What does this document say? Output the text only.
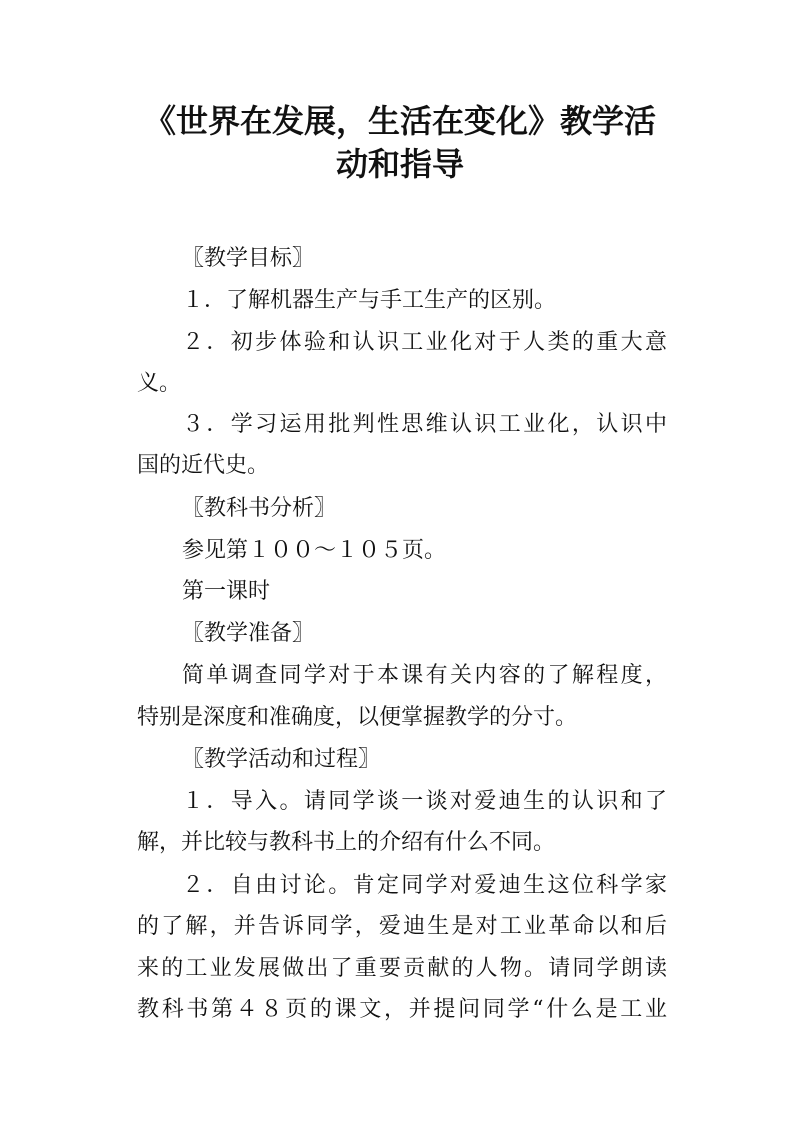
《世界在发展，生活在变化》教学活
动和指导

〖教学目标〗

１．了解机器生产与手工生产的区别。

２．初步体验和认识工业化对于人类的重大意

义。

３．学习运用批判性思维认识工业化，认识中

国的近代史。

〖教科书分析〗

参见第１００～１０５页。

第一课时

〖教学准备〗

简单调查同学对于本课有关内容的了解程度，

特别是深度和准确度，以便掌握教学的分寸。

〖教学活动和过程〗

１．导入。请同学谈一谈对爱迪生的认识和了

解，并比较与教科书上的介绍有什么不同。

２．自由讨论。肯定同学对爱迪生这位科学家

的了解，并告诉同学，爱迪生是对工业革命以和后

来的工业发展做出了重要贡献的人物。请同学朗读

教科书第４８页的课文，并提问同学“什么是工业
